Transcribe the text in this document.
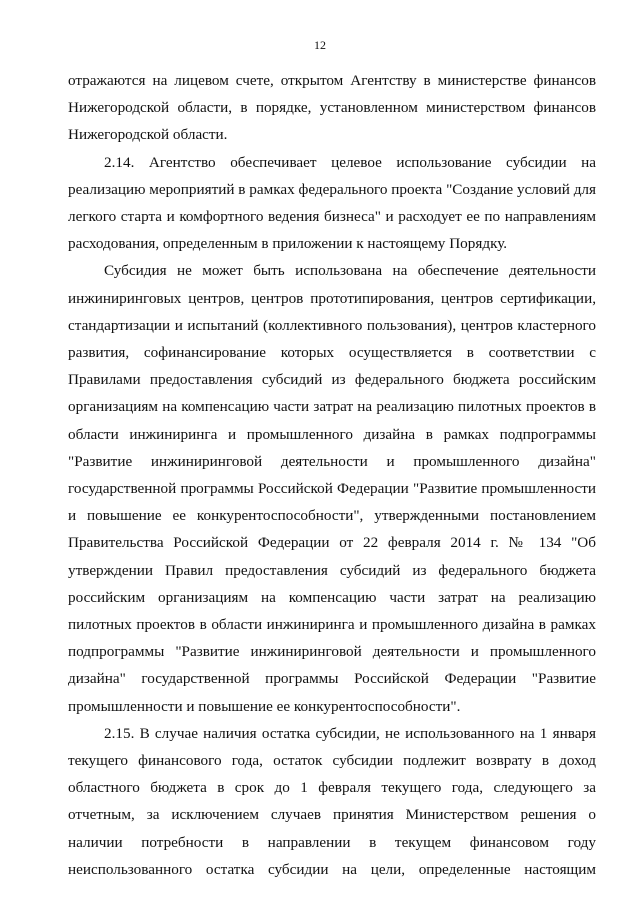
12
отражаются на лицевом счете, открытом Агентству в министерстве финансов
Нижегородской области, в порядке, установленном министерством финансов
Нижегородской области.
2.14. Агентство обеспечивает целевое использование субсидии на
реализацию мероприятий в рамках федерального проекта "Создание условий для
легкого старта и комфортного ведения бизнеса" и расходует ее по направлениям
расходования, определенным в приложении к настоящему Порядку.
Субсидия не может быть использована на обеспечение деятельности
инжиниринговых центров, центров прототипирования, центров сертификации,
стандартизации и испытаний (коллективного пользования), центров кластерного
развития, софинансирование которых осуществляется в соответствии с
Правилами предоставления субсидий из федерального бюджета российским
организациям на компенсацию части затрат на реализацию пилотных проектов в
области инжиниринга и промышленного дизайна в рамках подпрограммы
"Развитие инжиниринговой деятельности и промышленного дизайна"
государственной программы Российской Федерации "Развитие промышленности
и повышение ее конкурентоспособности", утвержденными постановлением
Правительства Российской Федерации от 22 февраля 2014 г. № 134 "Об
утверждении Правил предоставления субсидий из федерального бюджета
российским организациям на компенсацию части затрат на реализацию
пилотных проектов в области инжиниринга и промышленного дизайна в рамках
подпрограммы "Развитие инжиниринговой деятельности и промышленного
дизайна" государственной программы Российской Федерации "Развитие
промышленности и повышение ее конкурентоспособности".
2.15. В случае наличия остатка субсидии, не использованного на 1 января
текущего финансового года, остаток субсидии подлежит возврату в доход
областного бюджета в срок до 1 февраля текущего года, следующего за
отчетным, за исключением случаев принятия Министерством решения о
наличии потребности в направлении в текущем финансовом году
неиспользованного остатка субсидии на цели, определенные настоящим
